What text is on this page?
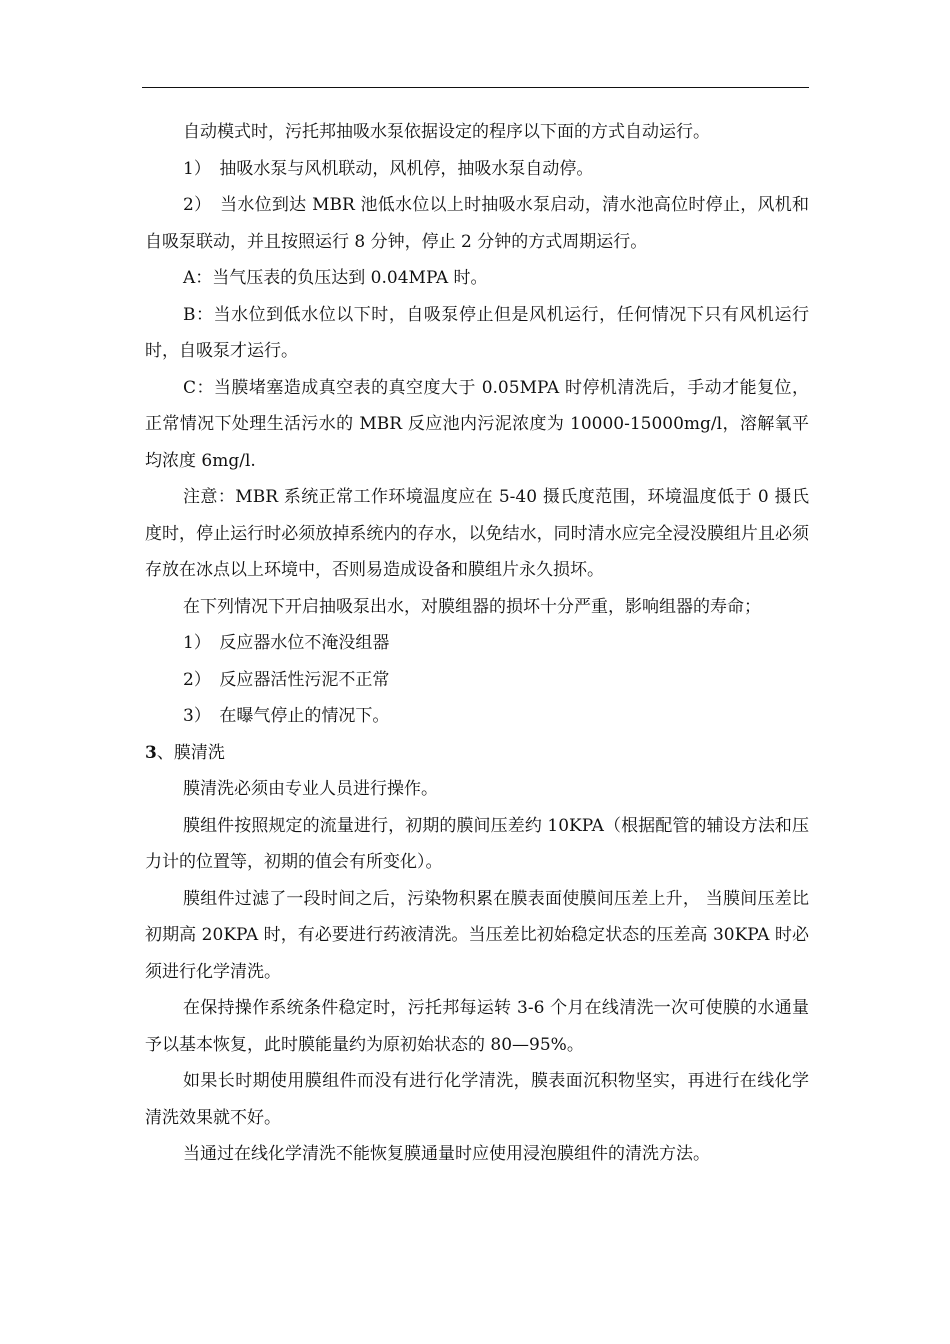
自动模式时，污托邦抽吸水泵依据设定的程序以下面的方式自动运行。

1）　抽吸水泵与风机联动，风机停，抽吸水泵自动停。

2）　当水位到达 MBR 池低水位以上时抽吸水泵启动，清水池高位时停止，风机和自吸泵联动，并且按照运行 8 分钟，停止 2 分钟的方式周期运行。

A：当气压表的负压达到 0.04MPA 时。

B：当水位到低水位以下时，自吸泵停止但是风机运行，任何情况下只有风机运行时，自吸泵才运行。

C：当膜堵塞造成真空表的真空度大于 0.05MPA 时停机清洗后，手动才能复位，正常情况下处理生活污水的 MBR 反应池内污泥浓度为 10000-15000mg/l，溶解氧平均浓度 6mg/l.

注意：MBR 系统正常工作环境温度应在 5-40 摄氏度范围，环境温度低于 0 摄氏度时，停止运行时必须放掉系统内的存水，以免结水，同时清水应完全浸没膜组片且必须存放在冰点以上环境中，否则易造成设备和膜组片永久损坏。

在下列情况下开启抽吸泵出水，对膜组器的损坏十分严重，影响组器的寿命；

1）　反应器水位不淹没组器

2）　反应器活性污泥不正常

3）　在曝气停止的情况下。

3、膜清洗

膜清洗必须由专业人员进行操作。

膜组件按照规定的流量进行，初期的膜间压差约 10KPA（根据配管的辅设方法和压力计的位置等，初期的值会有所变化）。

膜组件过滤了一段时间之后，污染物积累在膜表面使膜间压差上升， 当膜间压差比初期高 20KPA 时，有必要进行药液清洗。当压差比初始稳定状态的压差高 30KPA 时必须进行化学清洗。

在保持操作系统条件稳定时，污托邦每运转 3-6 个月在线清洗一次可使膜的水通量予以基本恢复，此时膜能量约为原初始状态的 80—95%。

如果长时期使用膜组件而没有进行化学清洗，膜表面沉积物坚实，再进行在线化学清洗效果就不好。

当通过在线化学清洗不能恢复膜通量时应使用浸泡膜组件的清洗方法。
